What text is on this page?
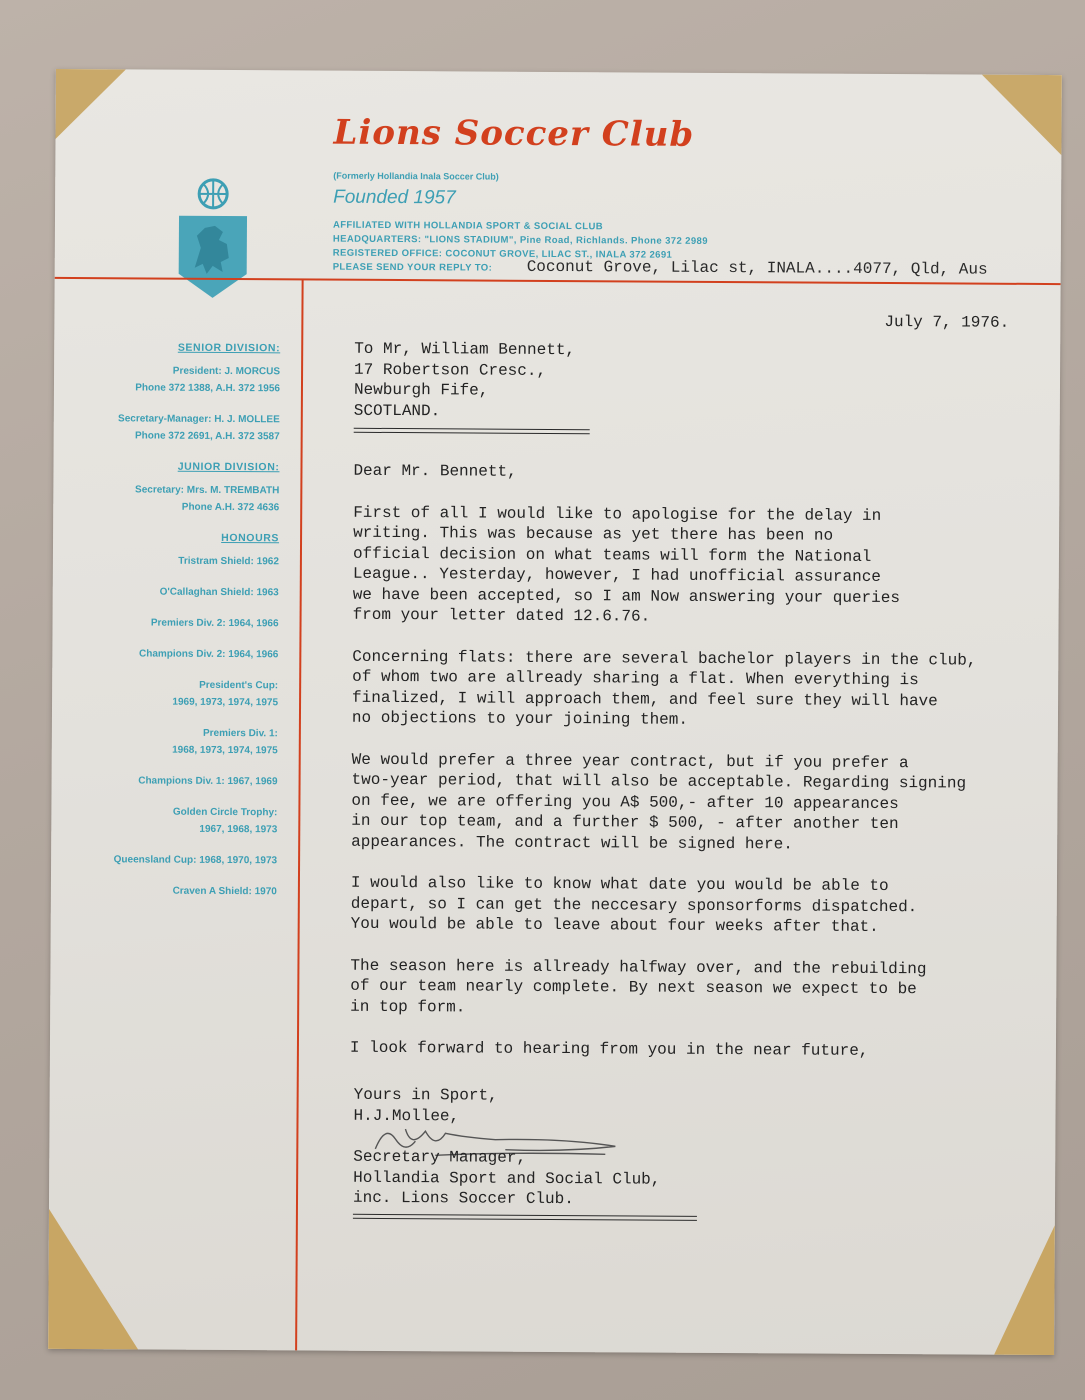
Lions Soccer Club
(Formerly Hollandia Inala Soccer Club)
Founded 1957
AFFILIATED WITH HOLLANDIA SPORT & SOCIAL CLUB
HEADQUARTERS: "LIONS STADIUM", Pine Road, Richlands. Phone 372 2989
REGISTERED OFFICE: COCONUT GROVE, LILAC ST., INALA 372 2691
PLEASE SEND YOUR REPLY TO: Coconut Grove, Lilac st, INALA....4077, Qld, Aus
SENIOR DIVISION:
President: J. MORCUS
Phone 372 1388, A.H. 372 1956
Secretary-Manager: H. J. MOLLEE
Phone 372 2691, A.H. 372 3587
JUNIOR DIVISION:
Secretary: Mrs. M. TREMBATH
Phone A.H. 372 4636
HONOURS
Tristram Shield: 1962
O'Callaghan Shield: 1963
Premiers Div. 2: 1964, 1966
Champions Div. 2: 1964, 1966
President's Cup:
1969, 1973, 1974, 1975
Premiers Div. 1:
1968, 1973, 1974, 1975
Champions Div. 1: 1967, 1969
Golden Circle Trophy:
1967, 1968, 1973
Queensland Cup: 1968, 1970, 1973
Craven A Shield: 1970
July 7, 1976.
To Mr, William Bennett,
17 Robertson Cresc.,
Newburgh Fife,
SCOTLAND.

Dear Mr. Bennett,

First of all I would like to apologise for the delay in
writing. This was because as yet there has been no
official decision on what teams will form the National
League.. Yesterday, however, I had unofficial assurance
we have been accepted, so I am Now answering your queries
from your letter dated 12.6.76.

Concerning flats: there are several bachelor players in the club,
of whom two are allready sharing a flat. When everything is
finalized, I will approach them, and feel sure they will have
no objections to your joining them.

We would prefer a three year contract, but if you prefer a
two-year period, that will also be acceptable. Regarding signing
on fee, we are offering you A$ 500,- after 10 appearances
in our top team, and a further $ 500, - after another ten
appearances. The contract will be signed here.

I would also like to know what date you would be able to
depart, so I can get the neccesary sponsorforms dispatched.
You would be able to leave about four weeks after that.

The season here is allready halfway over, and the rebuilding
of our team nearly complete. By next season we expect to be
in top form.

I look forward to hearing from you in the near future,

Yours in Sport,
H.J.Mollee,
Secretary Manager,
Hollandia Sport and Social Club,
inc. Lions Soccer Club.
